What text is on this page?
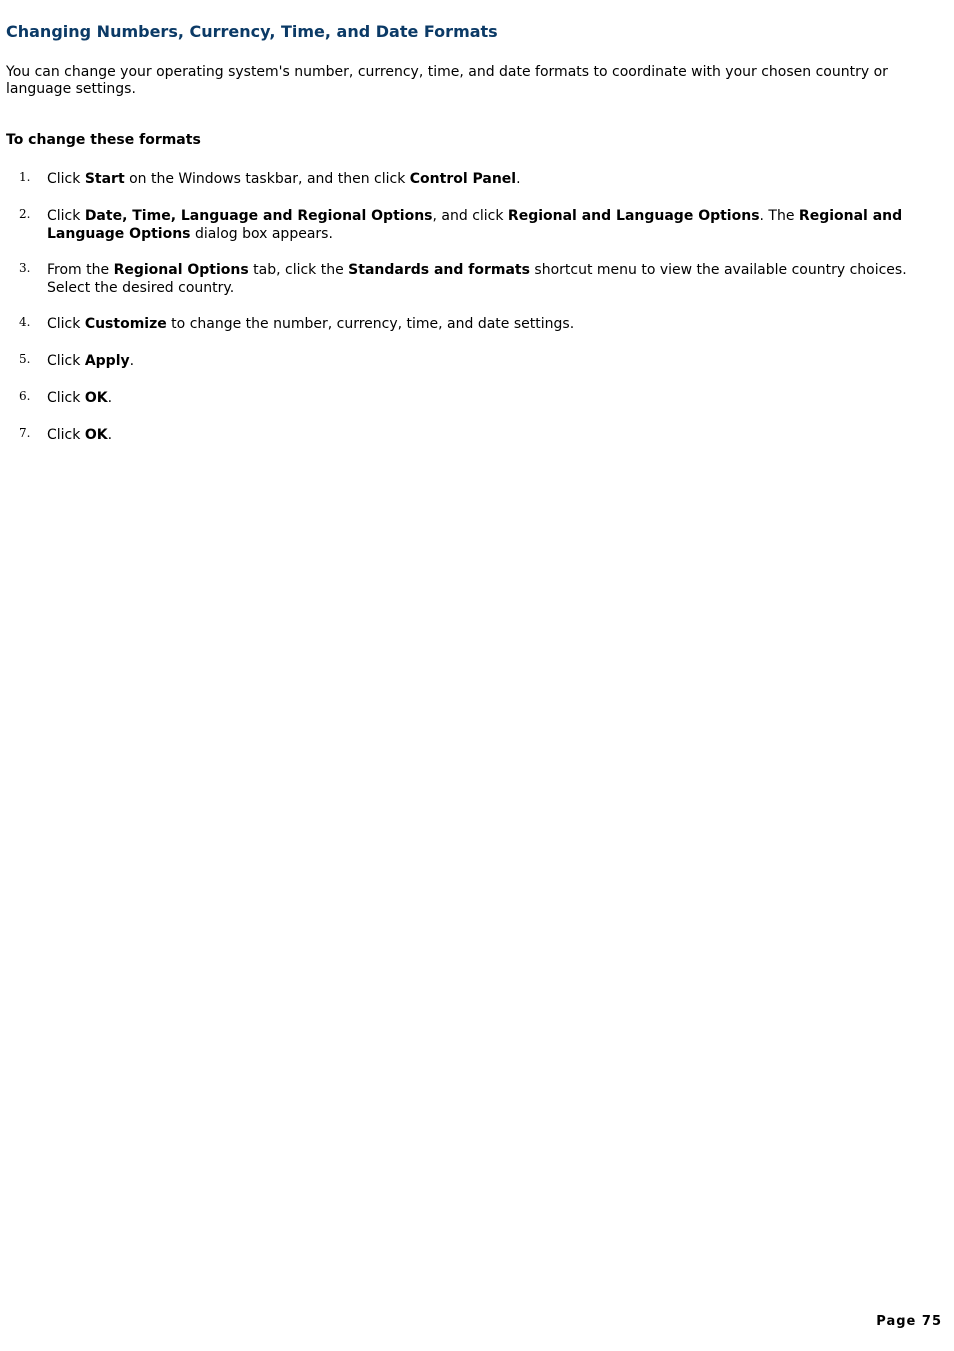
Changing Numbers, Currency, Time, and Date Formats

You can change your operating system's number, currency, time, and date formats to coordinate with your chosen country or language settings.

To change these formats

1. Click Start on the Windows taskbar, and then click Control Panel.
2. Click Date, Time, Language and Regional Options, and click Regional and Language Options. The Regional and Language Options dialog box appears.
3. From the Regional Options tab, click the Standards and formats shortcut menu to view the available country choices. Select the desired country.
4. Click Customize to change the number, currency, time, and date settings.
5. Click Apply.
6. Click OK.
7. Click OK.

Page 75
